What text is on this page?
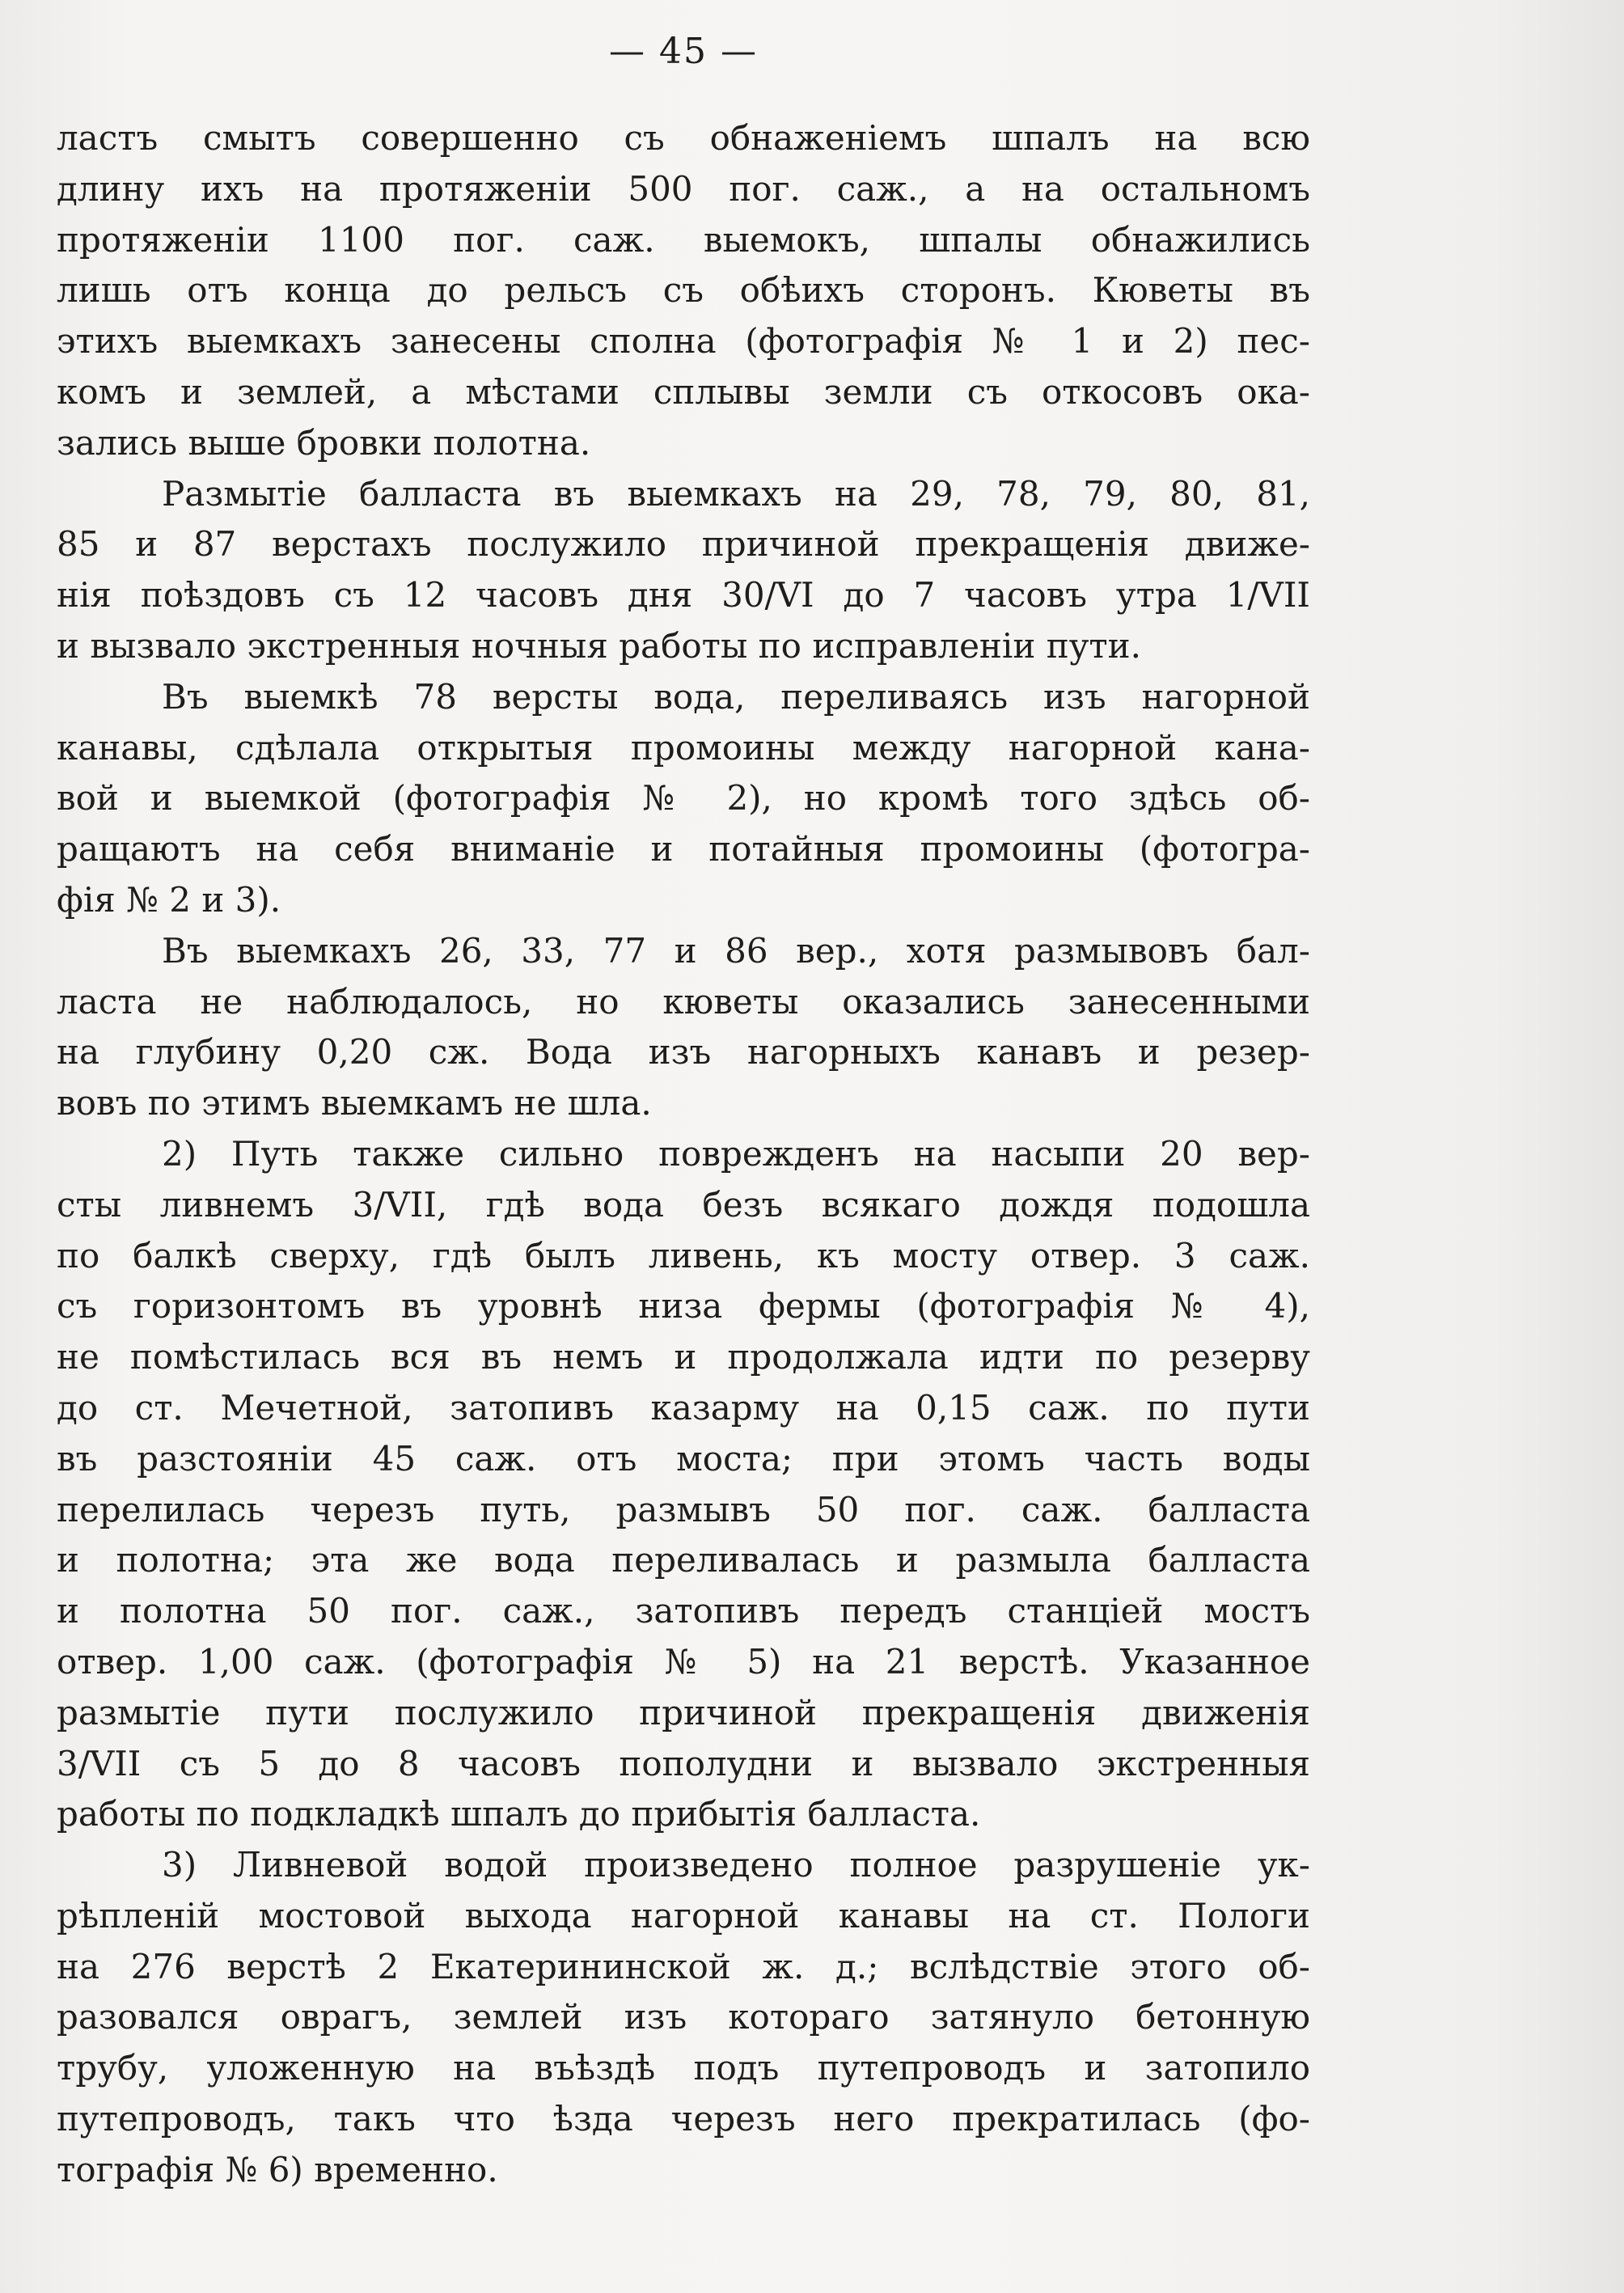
— 45 —
ластъ смытъ совершенно съ обнаженіемъ шпалъ на всю
длину ихъ на протяженіи 500 пог. саж., а на остальномъ
протяженіи 1100 пог. саж. выемокъ, шпалы обнажились
лишь отъ конца до рельсъ съ обѣихъ сторонъ. Кюветы въ
этихъ выемкахъ занесены сполна (фотографія № 1 и 2) пес-
комъ и землей, а мѣстами сплывы земли съ откосовъ ока-
зались выше бровки полотна.
Размытіе балласта въ выемкахъ на 29, 78, 79, 80, 81,
85 и 87 верстахъ послужило причиной прекращенія движе-
нія поѣздовъ съ 12 часовъ дня 30/VI до 7 часовъ утра 1/VII
и вызвало экстренныя ночныя работы по исправленіи пути.
Въ выемкѣ 78 версты вода, переливаясь изъ нагорной
канавы, сдѣлала открытыя промоины между нагорной кана-
вой и выемкой (фотографія № 2), но кромѣ того здѣсь об-
ращаютъ на себя вниманіе и потайныя промоины (фотогра-
фія № 2 и 3).
Въ выемкахъ 26, 33, 77 и 86 вер., хотя размывовъ бал-
ласта не наблюдалось, но кюветы оказались занесенными
на глубину 0,20 сж. Вода изъ нагорныхъ канавъ и резер-
вовъ по этимъ выемкамъ не шла.
2) Путь также сильно поврежденъ на насыпи 20 вер-
сты ливнемъ 3/VII, гдѣ вода безъ всякаго дождя подошла
по балкѣ сверху, гдѣ былъ ливень, къ мосту отвер. 3 саж.
съ горизонтомъ въ уровнѣ низа фермы (фотографія № 4),
не помѣстилась вся въ немъ и продолжала идти по резерву
до ст. Мечетной, затопивъ казарму на 0,15 саж. по пути
въ разстояніи 45 саж. отъ моста; при этомъ часть воды
перелилась черезъ путь, размывъ 50 пог. саж. балласта
и полотна; эта же вода переливалась и размыла балласта
и полотна 50 пог. саж., затопивъ передъ станціей мостъ
отвер. 1,00 саж. (фотографія № 5) на 21 верстѣ. Указанное
размытіе пути послужило причиной прекращенія движенія
3/VII съ 5 до 8 часовъ пополудни и вызвало экстренныя
работы по подкладкѣ шпалъ до прибытія балласта.
3) Ливневой водой произведено полное разрушеніе ук-
рѣпленій мостовой выхода нагорной канавы на ст. Пологи
на 276 верстѣ 2 Екатерининской ж. д.; вслѣдствіе этого об-
разовался оврагъ, землей изъ котораго затянуло бетонную
трубу, уложенную на въѣздѣ подъ путепроводъ и затопило
путепроводъ, такъ что ѣзда черезъ него прекратилась (фо-
тографія № 6) временно.
